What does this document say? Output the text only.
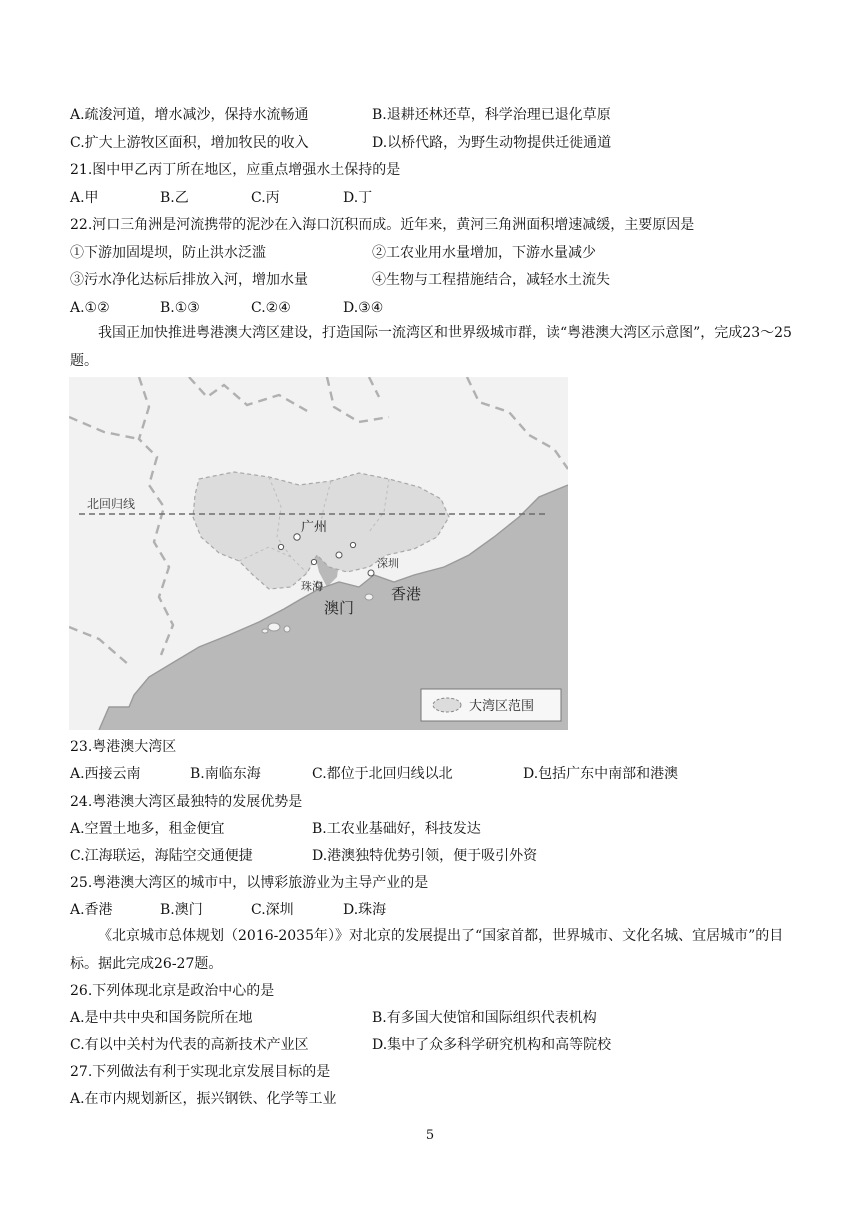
A.疏浚河道，增水减沙，保持水流畅通	B.退耕还林还草，科学治理已退化草原
C.扩大上游牧区面积，增加牧民的收入	D.以桥代路，为野生动物提供迁徙通道
21.图中甲乙丙丁所在地区，应重点增强水土保持的是
A.甲	B.乙	C.丙	D.丁
22.河口三角洲是河流携带的泥沙在入海口沉积而成。近年来，黄河三角洲面积增速减缓，主要原因是
①下游加固堤坝，防止洪水泛滥	②工农业用水量增加，下游水量减少
③污水净化达标后排放入河，增加水量	④生物与工程措施结合，减轻水土流失
A.①②	B.①③	C.②④	D.③④
我国正加快推进粤港澳大湾区建设，打造国际一流湾区和世界级城市群，读“粤港澳大湾区示意图”，完成23～25题。
北回归线
广州
深圳
珠海	香港
澳门
大湾区范围
23.粤港澳大湾区
A.西接云南	B.南临东海	C.都位于北回归线以北	D.包括广东中南部和港澳
24.粤港澳大湾区最独特的发展优势是
A.空置土地多，租金便宜	B.工农业基础好，科技发达
C.江海联运，海陆空交通便捷	D.港澳独特优势引领，便于吸引外资
25.粤港澳大湾区的城市中，以博彩旅游业为主导产业的是
A.香港	B.澳门	C.深圳	D.珠海
《北京城市总体规划（2016-2035年）》对北京的发展提出了“国家首都，世界城市、文化名城、宜居城市”的目标。据此完成26-27题。
26.下列体现北京是政治中心的是
A.是中共中央和国务院所在地	B.有多国大使馆和国际组织代表机构
C.有以中关村为代表的高新技术产业区	D.集中了众多科学研究机构和高等院校
27.下列做法有利于实现北京发展目标的是
A.在市内规划新区，振兴钢铁、化学等工业
5
